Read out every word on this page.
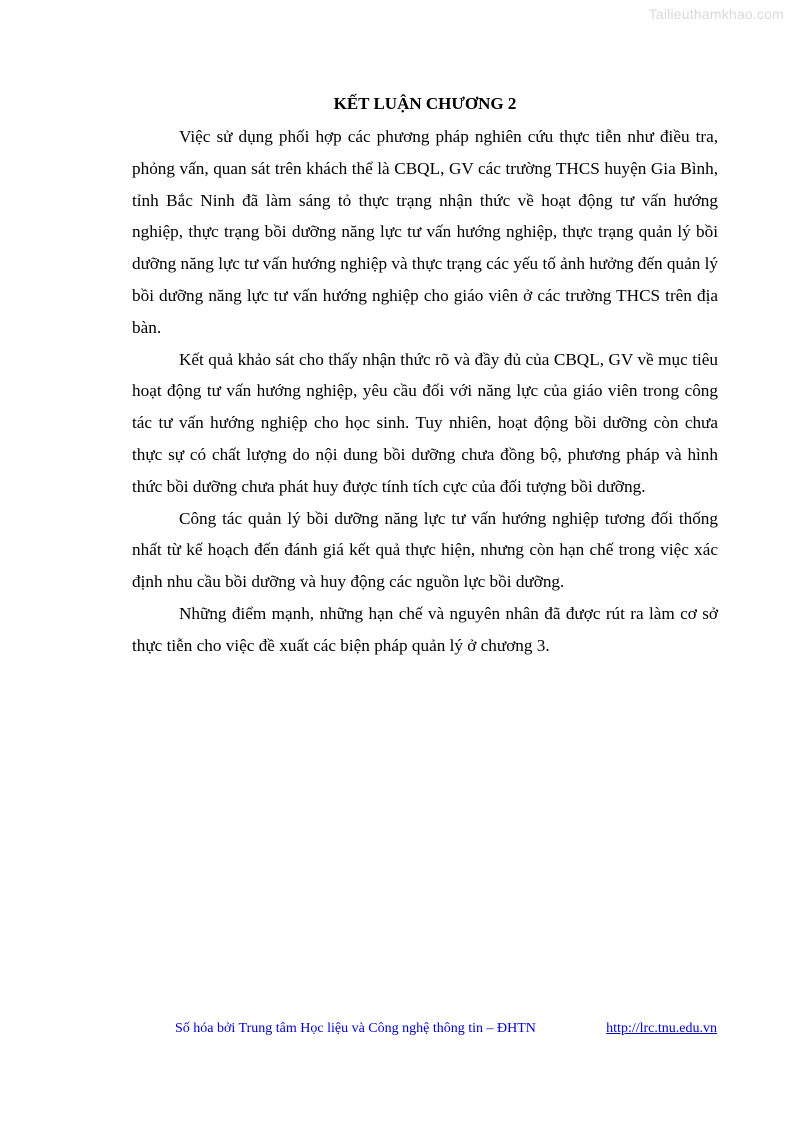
Tailieuthamkhao.com
KẾT LUẬN CHƯƠNG 2

Việc sử dụng phối hợp các phương pháp nghiên cứu thực tiễn như điều tra, phỏng vấn, quan sát trên khách thể là CBQL, GV các trường THCS huyện Gia Bình, tỉnh Bắc Ninh đã làm sáng tỏ thực trạng nhận thức về hoạt động tư vấn hướng nghiệp, thực trạng bồi dưỡng năng lực tư vấn hướng nghiệp, thực trạng quản lý bồi dưỡng năng lực tư vấn hướng nghiệp và thực trạng các yếu tố ảnh hưởng đến quản lý bồi dưỡng năng lực tư vấn hướng nghiệp cho giáo viên ở các trường THCS trên địa bàn.

Kết quả khảo sát cho thấy nhận thức rõ và đầy đủ của CBQL, GV về mục tiêu hoạt động tư vấn hướng nghiệp, yêu cầu đối với năng lực của giáo viên trong công tác tư vấn hướng nghiệp cho học sinh. Tuy nhiên, hoạt động bồi dưỡng còn chưa thực sự có chất lượng do nội dung bồi dưỡng chưa đồng bộ, phương pháp và hình thức bồi dưỡng chưa phát huy được tính tích cực của đối tượng bồi dưỡng.

Công tác quản lý bồi dưỡng năng lực tư vấn hướng nghiệp tương đối thống nhất từ kế hoạch đến đánh giá kết quả thực hiện, nhưng còn hạn chế trong việc xác định nhu cầu bồi dưỡng và huy động các nguồn lực bồi dưỡng.

Những điểm mạnh, những hạn chế và nguyên nhân đã được rút ra làm cơ sở thực tiễn cho việc đề xuất các biện pháp quản lý ở chương 3.

Số hóa bởi Trung tâm Học liệu và Công nghệ thông tin – ĐHTN	http://lrc.tnu.edu.vn
